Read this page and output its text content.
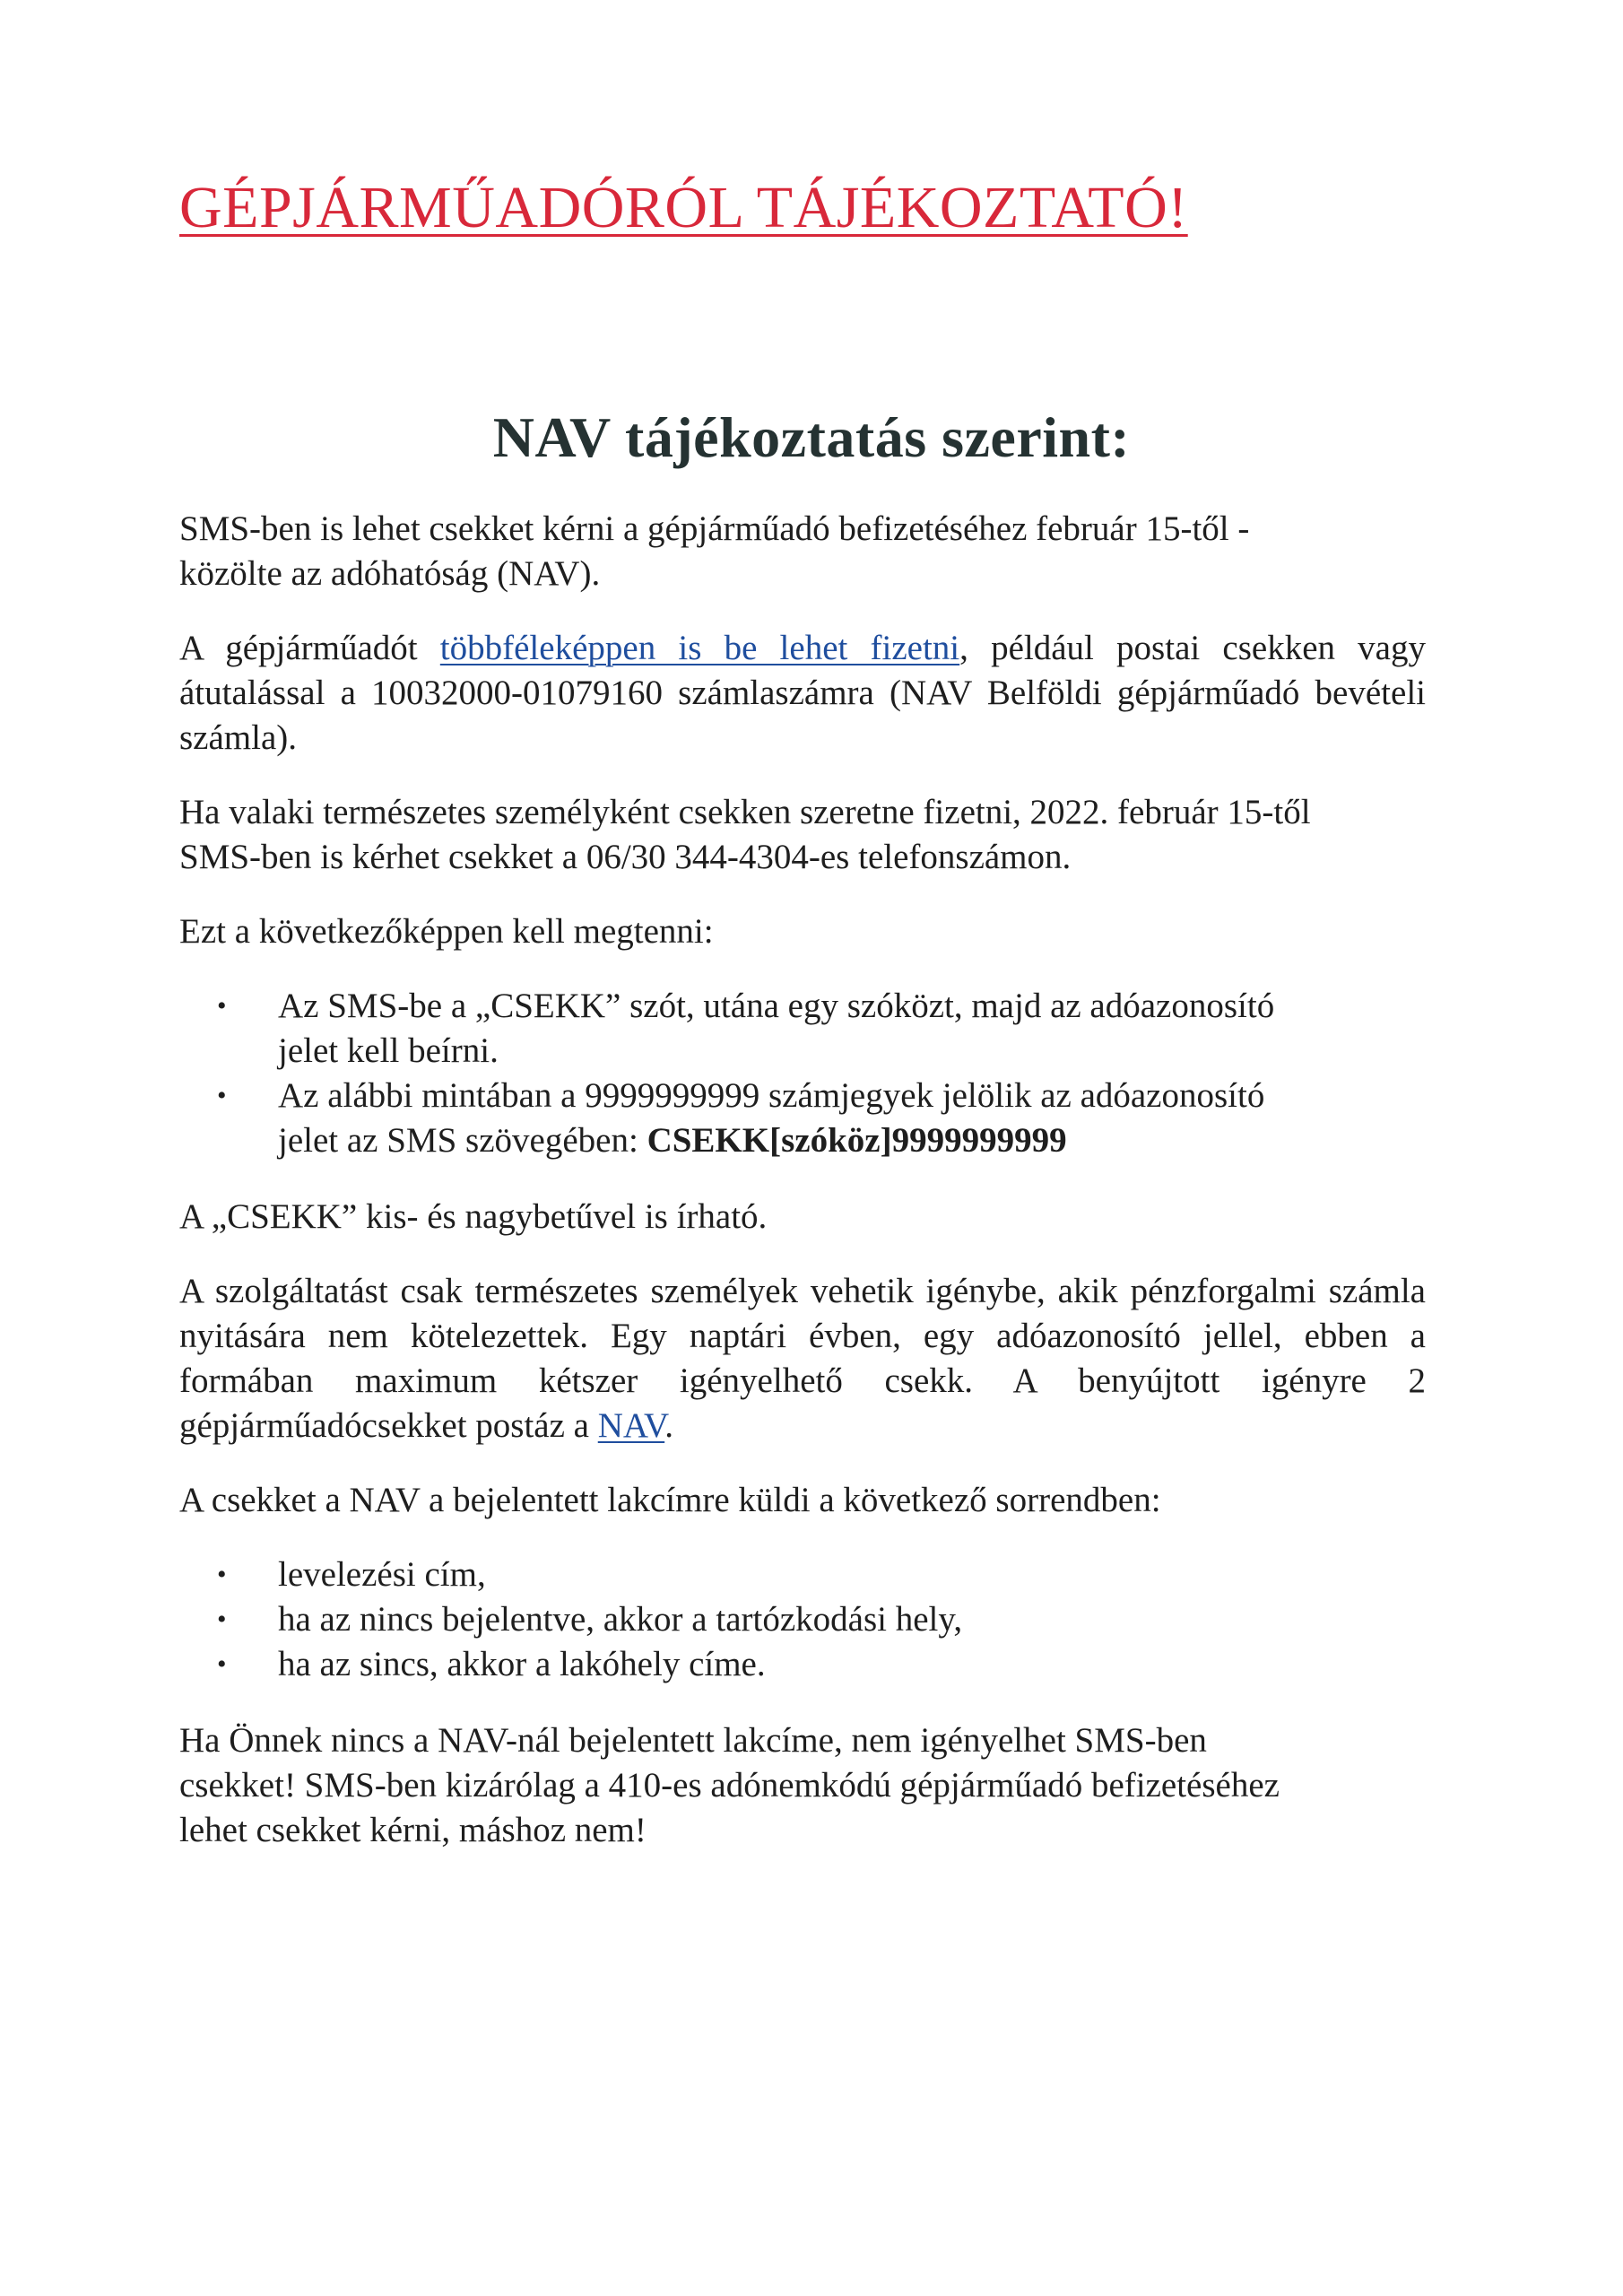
GÉPJÁRMŰADÓRÓL TÁJÉKOZTATÓ!
NAV tájékoztatás szerint:

SMS-ben is lehet csekket kérni a gépjárműadó befizetéséhez február 15-től -
közölte az adóhatóság (NAV).

A gépjárműadót többféleképpen is be lehet fizetni, például postai csekken vagy átutalással a 10032000-01079160 számlaszámra (NAV Belföldi gépjárműadó bevételi számla).

Ha valaki természetes személyként csekken szeretne fizetni, 2022. február 15-től
SMS-ben is kérhet csekket a 06/30 344-4304-es telefonszámon.

Ezt a következőképpen kell megtenni:

• Az SMS-be a „CSEKK” szót, utána egy szóközt, majd az adóazonosító
jelet kell beírni.
• Az alábbi mintában a 9999999999 számjegyek jelölik az adóazonosító
jelet az SMS szövegében: CSEKK[szóköz]9999999999

A „CSEKK” kis- és nagybetűvel is írható.

A szolgáltatást csak természetes személyek vehetik igénybe, akik pénzforgalmi számla nyitására nem kötelezettek. Egy naptári évben, egy adóazonosító jellel, ebben a formában maximum kétszer igényelhető csekk. A benyújtott igényre 2 gépjárműadócsekket postáz a NAV.

A csekket a NAV a bejelentett lakcímre küldi a következő sorrendben:

• levelezési cím,
• ha az nincs bejelentve, akkor a tartózkodási hely,
• ha az sincs, akkor a lakóhely címe.

Ha Önnek nincs a NAV-nál bejelentett lakcíme, nem igényelhet SMS-ben
csekket! SMS-ben kizárólag a 410-es adónemkódú gépjárműadó befizetéséhez
lehet csekket kérni, máshoz nem!
